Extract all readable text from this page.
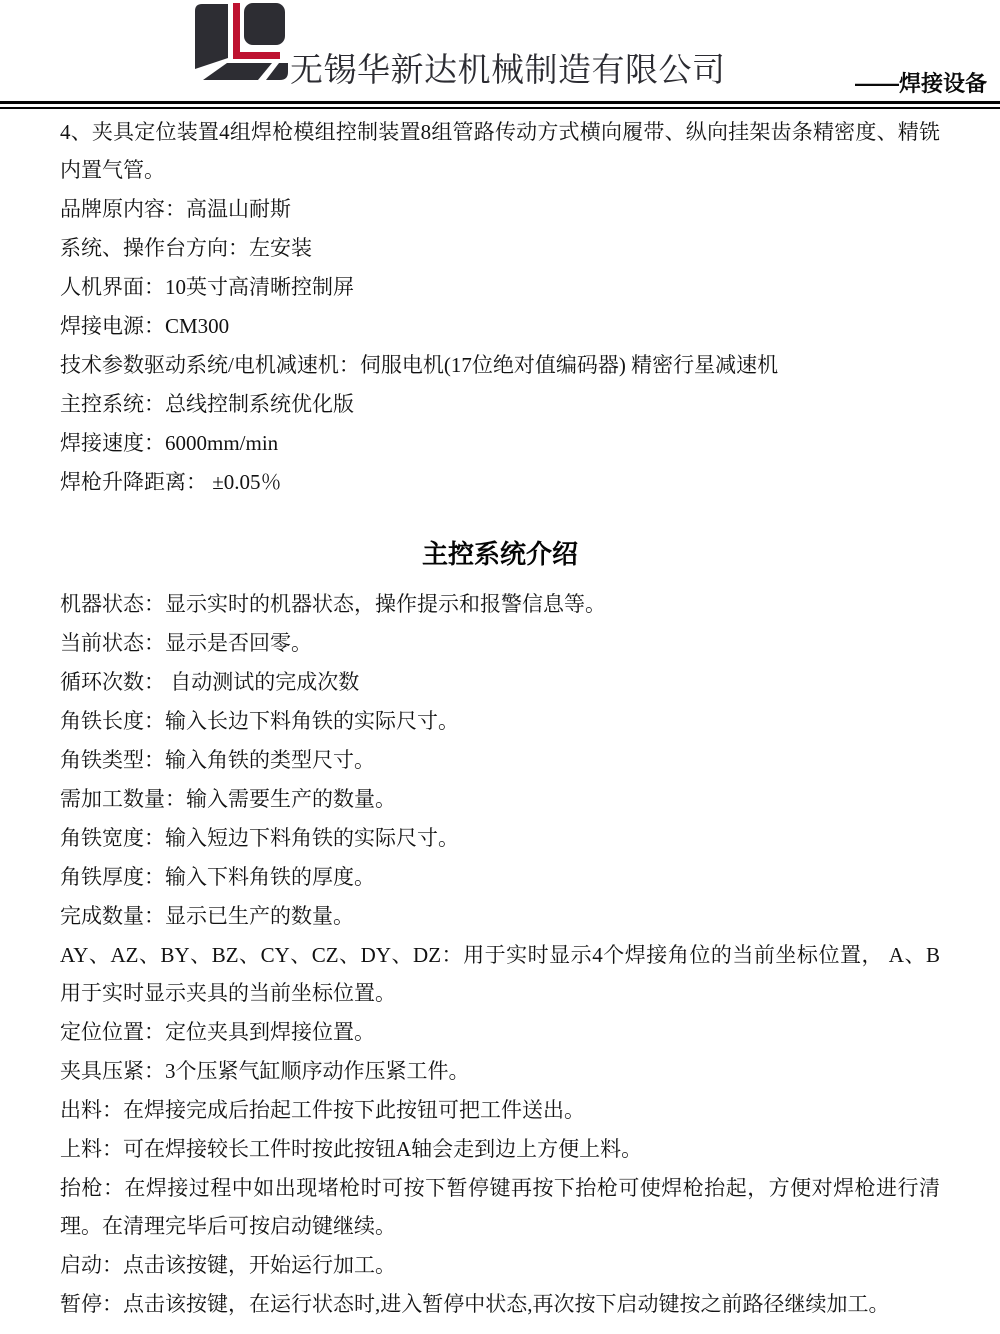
无锡华新达机械制造有限公司	——焊接设备

4、夹具定位装置4组焊枪模组控制装置8组管路传动方式横向履带、纵向挂架齿条精密度、精铣内置气管。

品牌原内容：高温山耐斯

系统、操作台方向：左安装

人机界面：10英寸高清晰控制屏

焊接电源：CM300

技术参数驱动系统/电机减速机：伺服电机(17位绝对值编码器) 精密行星减速机

主控系统：总线控制系统优化版

焊接速度：6000mm/min

焊枪升降距离： ±0.05％

主控系统介绍

机器状态：显示实时的机器状态，操作提示和报警信息等。

当前状态：显示是否回零。

循环次数： 自动测试的完成次数

角铁长度：输入长边下料角铁的实际尺寸。

角铁类型：输入角铁的类型尺寸。

需加工数量：输入需要生产的数量。

角铁宽度：输入短边下料角铁的实际尺寸。

角铁厚度：输入下料角铁的厚度。

完成数量：显示已生产的数量。

AY、AZ、BY、BZ、CY、CZ、DY、DZ：用于实时显示4个焊接角位的当前坐标位置， A、B用于实时显示夹具的当前坐标位置。

定位位置：定位夹具到焊接位置。

夹具压紧：3个压紧气缸顺序动作压紧工件。

出料：在焊接完成后抬起工件按下此按钮可把工件送出。

上料：可在焊接较长工件时按此按钮A轴会走到边上方便上料。

抬枪：在焊接过程中如出现堵枪时可按下暂停键再按下抬枪可使焊枪抬起，方便对焊枪进行清理。在清理完毕后可按启动键继续。

启动：点击该按键，开始运行加工。

暂停：点击该按键，在运行状态时,进入暂停中状态,再次按下启动键按之前路径继续加工。
